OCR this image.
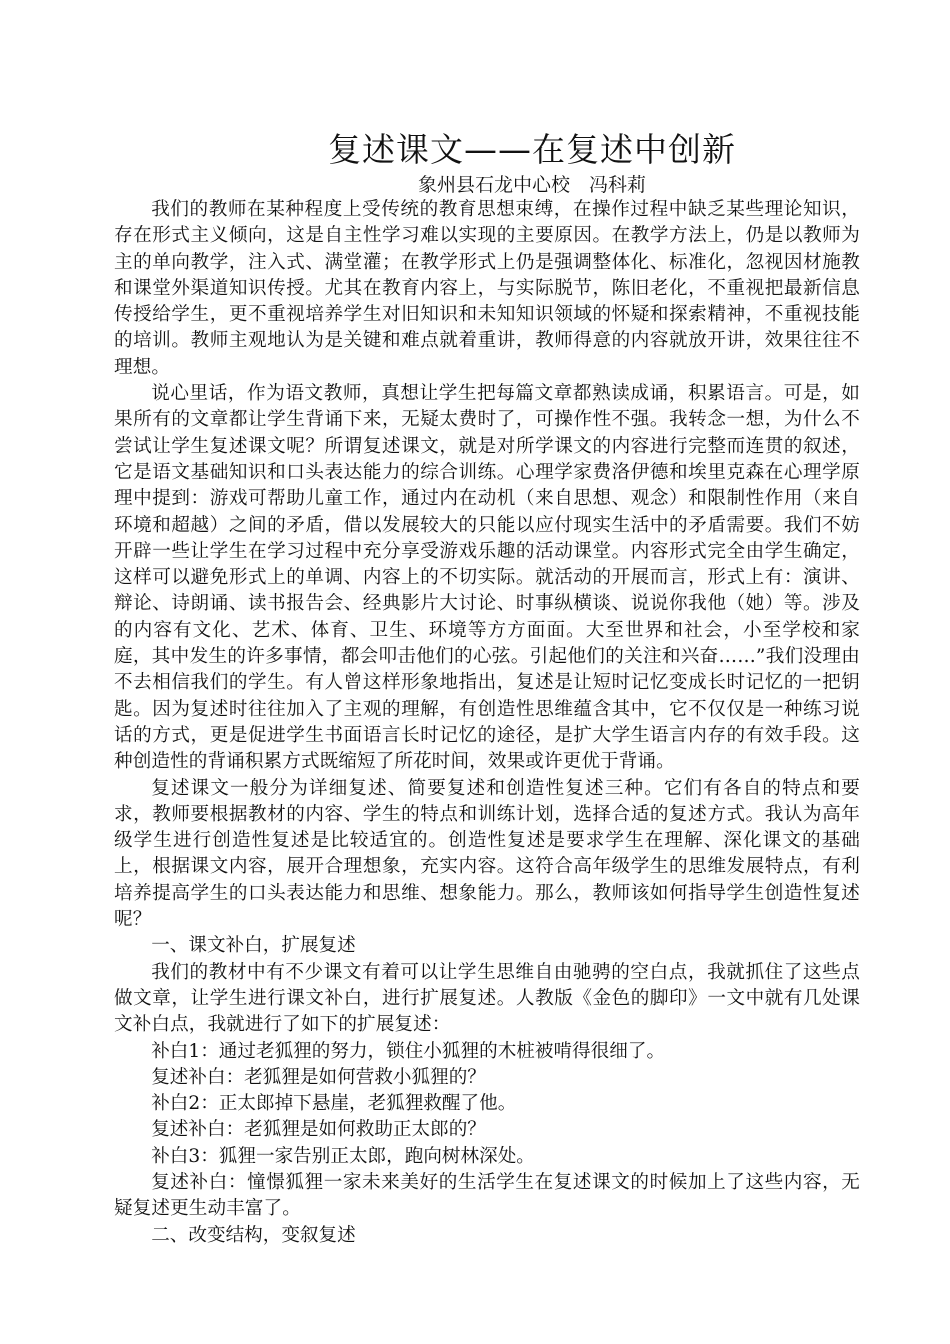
复述课文——在复述中创新

象州县石龙中心校　冯科莉

我们的教师在某种程度上受传统的教育思想束缚，在操作过程中缺乏某些理论知识，存在形式主义倾向，这是自主性学习难以实现的主要原因。在教学方法上，仍是以教师为主的单向教学，注入式、满堂灌；在教学形式上仍是强调整体化、标准化，忽视因材施教和课堂外渠道知识传授。尤其在教育内容上，与实际脱节，陈旧老化，不重视把最新信息传授给学生，更不重视培养学生对旧知识和未知知识领域的怀疑和探索精神，不重视技能的培训。教师主观地认为是关键和难点就着重讲，教师得意的内容就放开讲，效果往往不理想。

说心里话，作为语文教师，真想让学生把每篇文章都熟读成诵，积累语言。可是，如果所有的文章都让学生背诵下来，无疑太费时了，可操作性不强。我转念一想，为什么不尝试让学生复述课文呢？所谓复述课文，就是对所学课文的内容进行完整而连贯的叙述，它是语文基础知识和口头表达能力的综合训练。心理学家费洛伊德和埃里克森在心理学原理中提到：游戏可帮助儿童工作，通过内在动机（来自思想、观念）和限制性作用（来自环境和超越）之间的矛盾，借以发展较大的只能以应付现实生活中的矛盾需要。我们不妨开辟一些让学生在学习过程中充分享受游戏乐趣的活动课堂。内容形式完全由学生确定，这样可以避免形式上的单调、内容上的不切实际。就活动的开展而言，形式上有：演讲、辩论、诗朗诵、读书报告会、经典影片大讨论、时事纵横谈、说说你我他（她）等。涉及的内容有文化、艺术、体育、卫生、环境等方方面面。大至世界和社会，小至学校和家庭，其中发生的许多事情，都会叩击他们的心弦。引起他们的关注和兴奋……”我们没理由不去相信我们的学生。有人曾这样形象地指出，复述是让短时记忆变成长时记忆的一把钥匙。因为复述时往往加入了主观的理解，有创造性思维蕴含其中，它不仅仅是一种练习说话的方式，更是促进学生书面语言长时记忆的途径，是扩大学生语言内存的有效手段。这种创造性的背诵积累方式既缩短了所花时间，效果或许更优于背诵。

复述课文一般分为详细复述、简要复述和创造性复述三种。它们有各自的特点和要求，教师要根据教材的内容、学生的特点和训练计划，选择合适的复述方式。我认为高年级学生进行创造性复述是比较适宜的。创造性复述是要求学生在理解、深化课文的基础上，根据课文内容，展开合理想象，充实内容。这符合高年级学生的思维发展特点，有利培养提高学生的口头表达能力和思维、想象能力。那么，教师该如何指导学生创造性复述呢？

一、课文补白，扩展复述

我们的教材中有不少课文有着可以让学生思维自由驰骋的空白点，我就抓住了这些点做文章，让学生进行课文补白，进行扩展复述。人教版《金色的脚印》一文中就有几处课文补白点，我就进行了如下的扩展复述：

补白1：通过老狐狸的努力，锁住小狐狸的木桩被啃得很细了。

复述补白：老狐狸是如何营救小狐狸的？

补白2：正太郎掉下悬崖，老狐狸救醒了他。

复述补白：老狐狸是如何救助正太郎的？

补白3：狐狸一家告别正太郎，跑向树林深处。

复述补白：憧憬狐狸一家未来美好的生活学生在复述课文的时候加上了这些内容，无疑复述更生动丰富了。

二、改变结构，变叙复述
